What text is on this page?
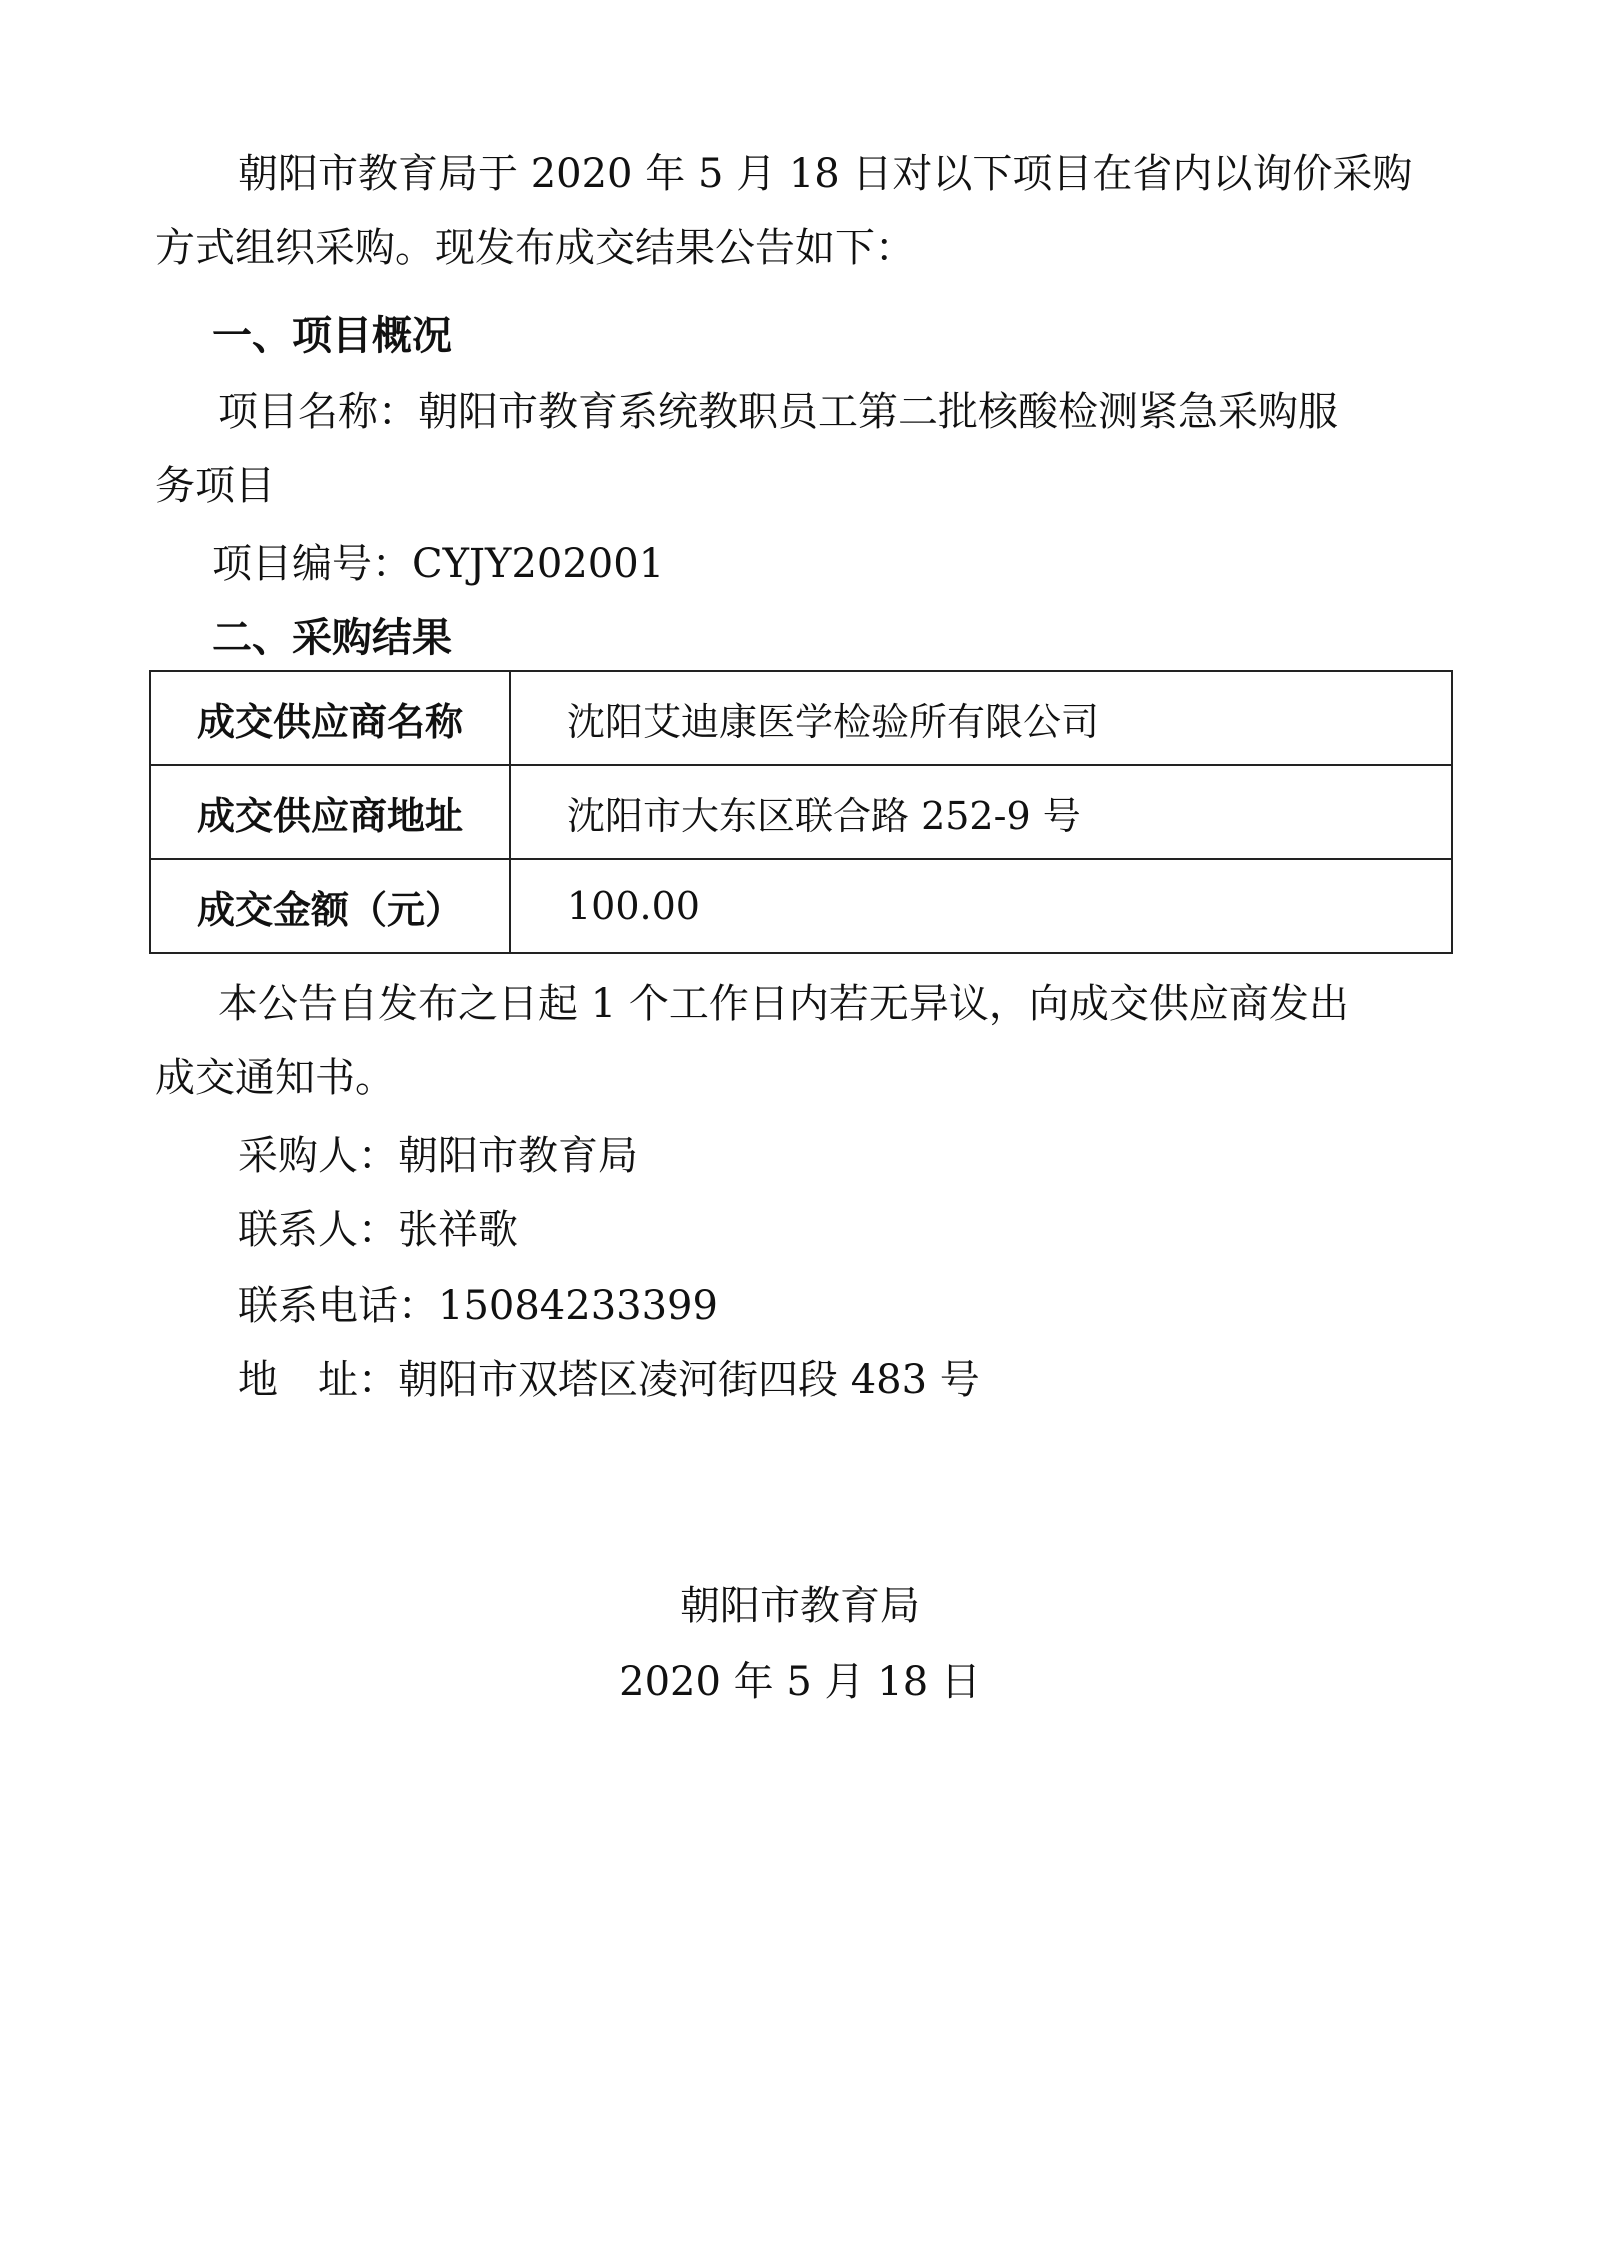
朝阳市教育局于 2020 年 5 月 18 日对以下项目在省内以询价采购
方式组织采购。现发布成交结果公告如下：
一、项目概况
项目名称：朝阳市教育系统教职员工第二批核酸检测紧急采购服
务项目
项目编号：CYJY202001
二、采购结果
成交供应商名称	沈阳艾迪康医学检验所有限公司
成交供应商地址	沈阳市大东区联合路 252-9 号
成交金额（元）	100.00
本公告自发布之日起 1 个工作日内若无异议，向成交供应商发出
成交通知书。
采购人：朝阳市教育局
联系人：张祥歌
联系电话：15084233399
地　址：朝阳市双塔区凌河街四段 483 号
朝阳市教育局
2020 年 5 月 18 日
